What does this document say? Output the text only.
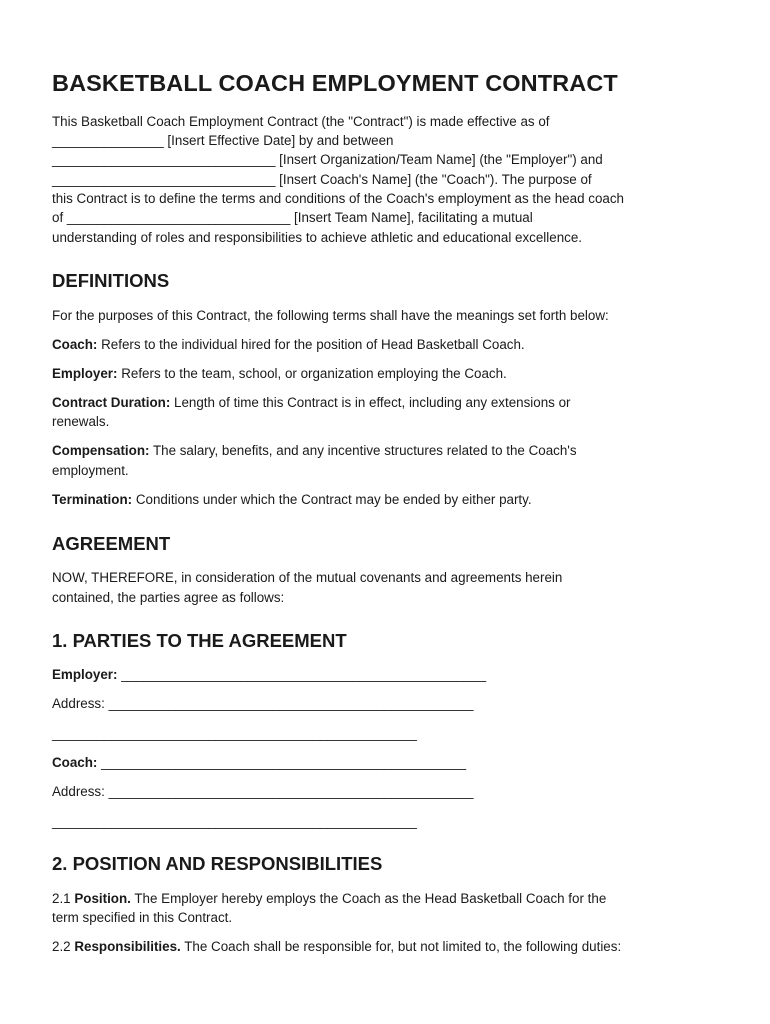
BASKETBALL COACH EMPLOYMENT CONTRACT
This Basketball Coach Employment Contract (the "Contract") is made effective as of
_______________ [Insert Effective Date] by and between
______________________________ [Insert Organization/Team Name] (the "Employer") and
______________________________ [Insert Coach's Name] (the "Coach"). The purpose of
this Contract is to define the terms and conditions of the Coach's employment as the head coach
of ______________________________ [Insert Team Name], facilitating a mutual
understanding of roles and responsibilities to achieve athletic and educational excellence.
DEFINITIONS
For the purposes of this Contract, the following terms shall have the meanings set forth below:
Coach: Refers to the individual hired for the position of Head Basketball Coach.
Employer: Refers to the team, school, or organization employing the Coach.
Contract Duration: Length of time this Contract is in effect, including any extensions or
renewals.
Compensation: The salary, benefits, and any incentive structures related to the Coach's
employment.
Termination: Conditions under which the Contract may be ended by either party.
AGREEMENT
NOW, THEREFORE, in consideration of the mutual covenants and agreements herein
contained, the parties agree as follows:
1. PARTIES TO THE AGREEMENT
Employer: _________________________________________________
Address: _________________________________________________
_________________________________________________
Coach: _________________________________________________
Address: _________________________________________________
_________________________________________________
2. POSITION AND RESPONSIBILITIES
2.1 Position. The Employer hereby employs the Coach as the Head Basketball Coach for the
term specified in this Contract.
2.2 Responsibilities. The Coach shall be responsible for, but not limited to, the following duties:
